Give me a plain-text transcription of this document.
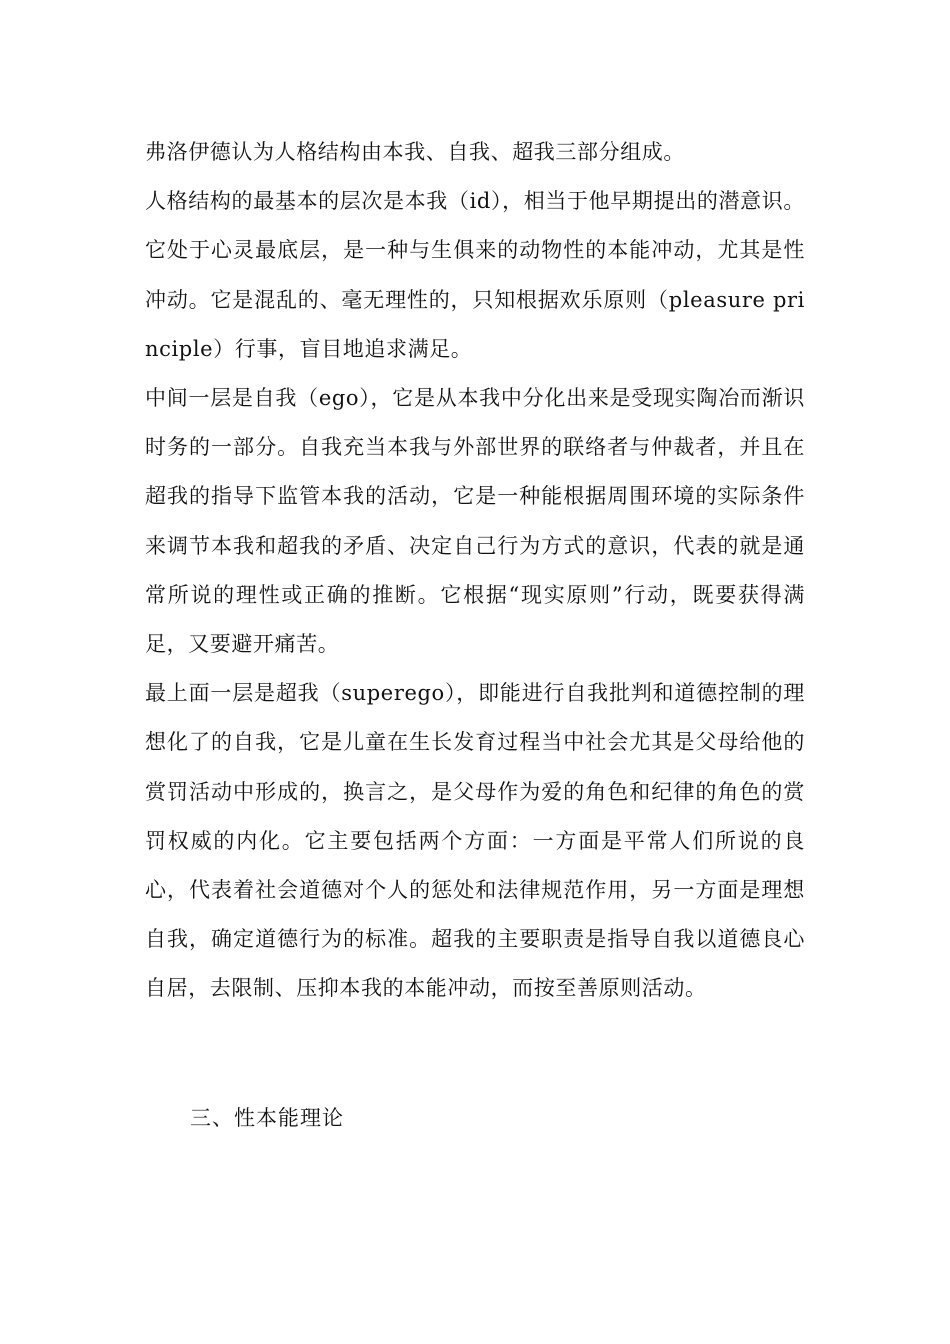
弗洛伊德认为人格结构由本我、自我、超我三部分组成。

人格结构的最基本的层次是本我（id），相当于他早期提出的潜意识。它处于心灵最底层，是一种与生俱来的动物性的本能冲动，尤其是性冲动。它是混乱的、毫无理性的，只知根据欢乐原则（pleasure principle）行事，盲目地追求满足。

中间一层是自我（ego），它是从本我中分化出来是受现实陶冶而渐识时务的一部分。自我充当本我与外部世界的联络者与仲裁者，并且在超我的指导下监管本我的活动，它是一种能根据周围环境的实际条件来调节本我和超我的矛盾、决定自己行为方式的意识，代表的就是通常所说的理性或正确的推断。它根据“现实原则”行动，既要获得满足，又要避开痛苦。

最上面一层是超我（superego），即能进行自我批判和道德控制的理想化了的自我，它是儿童在生长发育过程当中社会尤其是父母给他的赏罚活动中形成的，换言之，是父母作为爱的角色和纪律的角色的赏罚权威的内化。它主要包括两个方面：一方面是平常人们所说的良心，代表着社会道德对个人的惩处和法律规范作用，另一方面是理想自我，确定道德行为的标准。超我的主要职责是指导自我以道德良心自居，去限制、压抑本我的本能冲动，而按至善原则活动。

三、性本能理论
